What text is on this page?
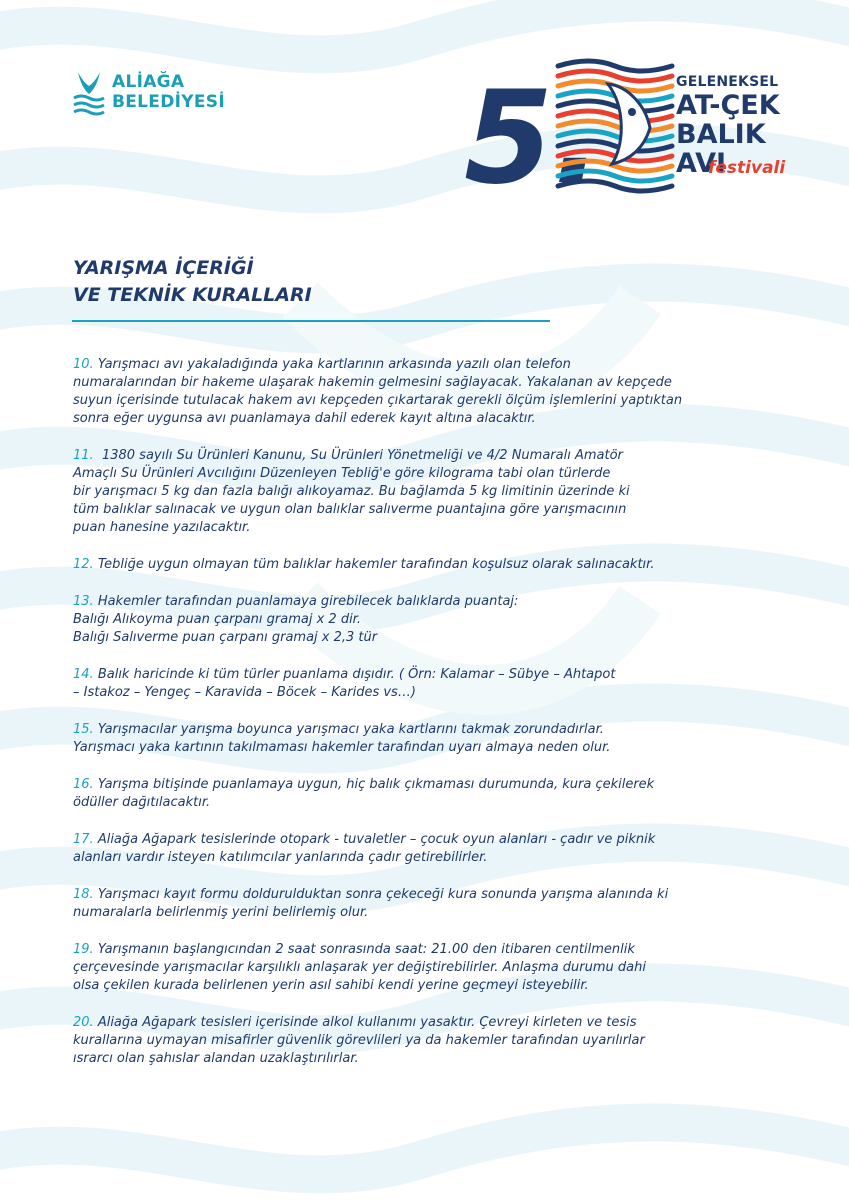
ALİAĞA
BELEDİYESİ 5.	GELENEKSEL
AT-ÇEK
BALIK
AVI
festivali
YARIŞMA İÇERİĞİ
VE TEKNİK KURALLARI
10. Yarışmacı avı yakaladığında yaka kartlarının arkasında yazılı olan telefon
numaralarından bir hakeme ulaşarak hakemin gelmesini sağlayacak. Yakalanan av kepçede
suyun içerisinde tutulacak hakem avı kepçeden çıkartarak gerekli ölçüm işlemlerini yaptıktan
sonra eğer uygunsa avı puanlamaya dahil ederek kayıt altına alacaktır.
11.  1380 sayılı Su Ürünleri Kanunu, Su Ürünleri Yönetmeliği ve 4/2 Numaralı Amatör
Amaçlı Su Ürünleri Avcılığını Düzenleyen Tebliğ'e göre kilograma tabi olan türlerde
bir yarışmacı 5 kg dan fazla balığı alıkoyamaz. Bu bağlamda 5 kg limitinin üzerinde ki
tüm balıklar salınacak ve uygun olan balıklar salıverme puantajına göre yarışmacının
puan hanesine yazılacaktır.
12. Tebliğe uygun olmayan tüm balıklar hakemler tarafından koşulsuz olarak salınacaktır.
13. Hakemler tarafından puanlamaya girebilecek balıklarda puantaj:
Balığı Alıkoyma puan çarpanı gramaj x 2 dir.
Balığı Salıverme puan çarpanı gramaj x 2,3 tür
14. Balık haricinde ki tüm türler puanlama dışıdır. ( Örn: Kalamar – Sübye – Ahtapot
– Istakoz – Yengeç – Karavida – Böcek – Karides vs…)
15. Yarışmacılar yarışma boyunca yarışmacı yaka kartlarını takmak zorundadırlar.
Yarışmacı yaka kartının takılmaması hakemler tarafından uyarı almaya neden olur.
16. Yarışma bitişinde puanlamaya uygun, hiç balık çıkmaması durumunda, kura çekilerek
ödüller dağıtılacaktır.
17. Aliağa Ağapark tesislerinde otopark - tuvaletler – çocuk oyun alanları - çadır ve piknik
alanları vardır isteyen katılımcılar yanlarında çadır getirebilirler.
18. Yarışmacı kayıt formu doldurulduktan sonra çekeceği kura sonunda yarışma alanında ki
numaralarla belirlenmiş yerini belirlemiş olur.
19. Yarışmanın başlangıcından 2 saat sonrasında saat: 21.00 den itibaren centilmenlik
çerçevesinde yarışmacılar karşılıklı anlaşarak yer değiştirebilirler. Anlaşma durumu dahi
olsa çekilen kurada belirlenen yerin asıl sahibi kendi yerine geçmeyi isteyebilir.
20. Aliağa Ağapark tesisleri içerisinde alkol kullanımı yasaktır. Çevreyi kirleten ve tesis
kurallarına uymayan misafirler güvenlik görevlileri ya da hakemler tarafından uyarılırlar
ısrarcı olan şahıslar alandan uzaklaştırılırlar.
